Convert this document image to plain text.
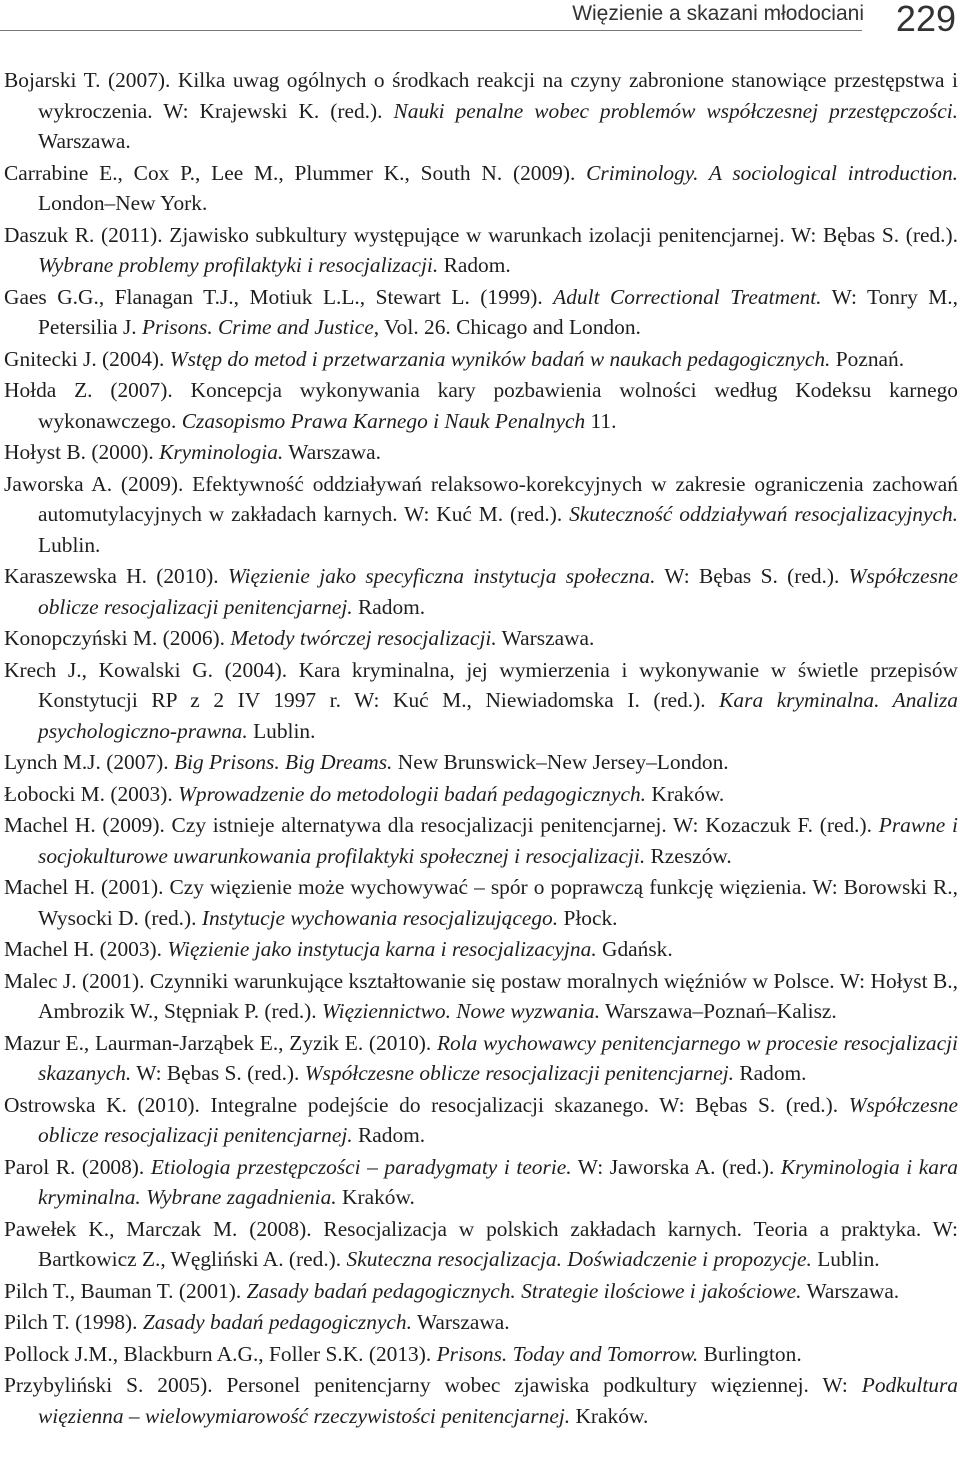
Więzienie a skazani młodociani 229

Bojarski T. (2007). Kilka uwag ogólnych o środkach reakcji na czyny zabronione stanowiące przestępstwa i wykroczenia. W: Krajewski K. (red.). Nauki penalne wobec problemów współczesnej przestępczości. Warszawa.

Carrabine E., Cox P., Lee M., Plummer K., South N. (2009). Criminology. A sociological introduction. London–New York.

Daszuk R. (2011). Zjawisko subkultury występujące w warunkach izolacji penitencjarnej. W: Bębas S. (red.). Wybrane problemy profilaktyki i resocjalizacji. Radom.

Gaes G.G., Flanagan T.J., Motiuk L.L., Stewart L. (1999). Adult Correctional Treatment. W: Tonry M., Petersilia J. Prisons. Crime and Justice, Vol. 26. Chicago and London.

Gnitecki J. (2004). Wstęp do metod i przetwarzania wyników badań w naukach pedagogicznych. Poznań.

Hołda Z. (2007). Koncepcja wykonywania kary pozbawienia wolności według Kodeksu karnego wykonawczego. Czasopismo Prawa Karnego i Nauk Penalnych 11.

Hołyst B. (2000). Kryminologia. Warszawa.

Jaworska A. (2009). Efektywność oddziaływań relaksowo-korekcyjnych w zakresie ograniczenia zachowań automutylacyjnych w zakładach karnych. W: Kuć M. (red.). Skuteczność oddziaływań resocjalizacyjnych. Lublin.

Karaszewska H. (2010). Więzienie jako specyficzna instytucja społeczna. W: Bębas S. (red.). Współczesne oblicze resocjalizacji penitencjarnej. Radom.

Konopczyński M. (2006). Metody twórczej resocjalizacji. Warszawa.

Krech J., Kowalski G. (2004). Kara kryminalna, jej wymierzenia i wykonywanie w świetle przepisów Konstytucji RP z 2 IV 1997 r. W: Kuć M., Niewiadomska I. (red.). Kara kryminalna. Analiza psychologiczno-prawna. Lublin.

Lynch M.J. (2007). Big Prisons. Big Dreams. New Brunswick–New Jersey–London.

Łobocki M. (2003). Wprowadzenie do metodologii badań pedagogicznych. Kraków.

Machel H. (2009). Czy istnieje alternatywa dla resocjalizacji penitencjarnej. W: Kozaczuk F. (red.). Prawne i socjokulturowe uwarunkowania profilaktyki społecznej i resocjalizacji. Rzeszów.

Machel H. (2001). Czy więzienie może wychowywać – spór o poprawczą funkcję więzienia. W: Borowski R., Wysocki D. (red.). Instytucje wychowania resocjalizującego. Płock.

Machel H. (2003). Więzienie jako instytucja karna i resocjalizacyjna. Gdańsk.

Malec J. (2001). Czynniki warunkujące kształtowanie się postaw moralnych więźniów w Polsce. W: Hołyst B., Ambrozik W., Stępniak P. (red.). Więziennictwo. Nowe wyzwania. Warszawa–Poznań–Kalisz.

Mazur E., Laurman-Jarząbek E., Zyzik E. (2010). Rola wychowawcy penitencjarnego w procesie resocjalizacji skazanych. W: Bębas S. (red.). Współczesne oblicze resocjalizacji penitencjarnej. Radom.

Ostrowska K. (2010). Integralne podejście do resocjalizacji skazanego. W: Bębas S. (red.). Współczesne oblicze resocjalizacji penitencjarnej. Radom.

Parol R. (2008). Etiologia przestępczości – paradygmaty i teorie. W: Jaworska A. (red.). Kryminologia i kara kryminalna. Wybrane zagadnienia. Kraków.

Pawełek K., Marczak M. (2008). Resocjalizacja w polskich zakładach karnych. Teoria a praktyka. W: Bartkowicz Z., Węgliński A. (red.). Skuteczna resocjalizacja. Doświadczenie i propozycje. Lublin.

Pilch T., Bauman T. (2001). Zasady badań pedagogicznych. Strategie ilościowe i jakościowe. Warszawa.

Pilch T. (1998). Zasady badań pedagogicznych. Warszawa.

Pollock J.M., Blackburn A.G., Foller S.K. (2013). Prisons. Today and Tomorrow. Burlington.

Przybyliński S. 2005). Personel penitencjarny wobec zjawiska podkultury więziennej. W: Podkultura więzienna – wielowymiarowość rzeczywistości penitencjarnej. Kraków.
